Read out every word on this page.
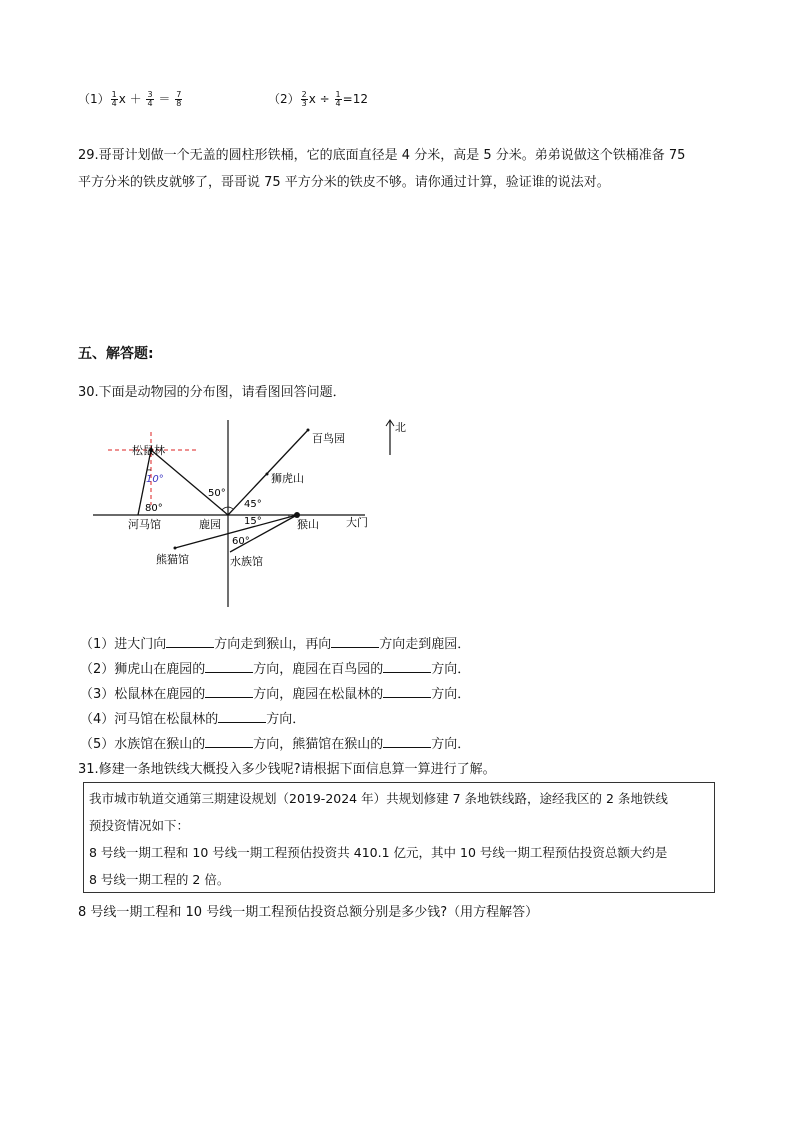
$(1) \frac{1}{4}$ $x + \frac{3}{4} = \frac{7}{8}$	$(2) \frac{2}{3}$ $x \div \frac{1}{4} =12$
29.哥哥计划做一个无盖的圆柱形铁桶，它的底面直径是 4 分米，高是 5 分米。弟弟说做这个铁桶准备 75
平方分米的铁皮就够了，哥哥说 75 平方分米的铁皮不够。请你通过计算，验证谁的说法对。
五、解答题:
30.下面是动物园的分布图，请看图回答问题．
北
松鼠林
百鸟园
狮虎山
河马馆	鹿园	猴山 大门
熊猫馆	水族馆
10°
80°
50°
45°
15°
60°
（1）进大门向	方向走到猴山，再向	方向走到鹿园．
（2）狮虎山在鹿园的	方向，鹿园在百鸟园的	方向．
（3）松鼠林在鹿园的	方向，鹿园在松鼠林的	方向．
（4）河马馆在松鼠林的	方向．
（5）水族馆在猴山的	方向，熊猫馆在猴山的	方向．
31.修建一条地铁线大概投入多少钱呢?请根据下面信息算一算进行了解。
我市城市轨道交通第三期建设规划（2019-2024 年）共规划修建 7 条地铁线路，途经我区的 2 条地铁线
预投资情况如下：
8 号线一期工程和 10 号线一期工程预估投资共 410.1 亿元，其中 10 号线一期工程预估投资总额大约是
8 号线一期工程的 2 倍。
8 号线一期工程和 10 号线一期工程预估投资总额分别是多少钱?（用方程解答）
